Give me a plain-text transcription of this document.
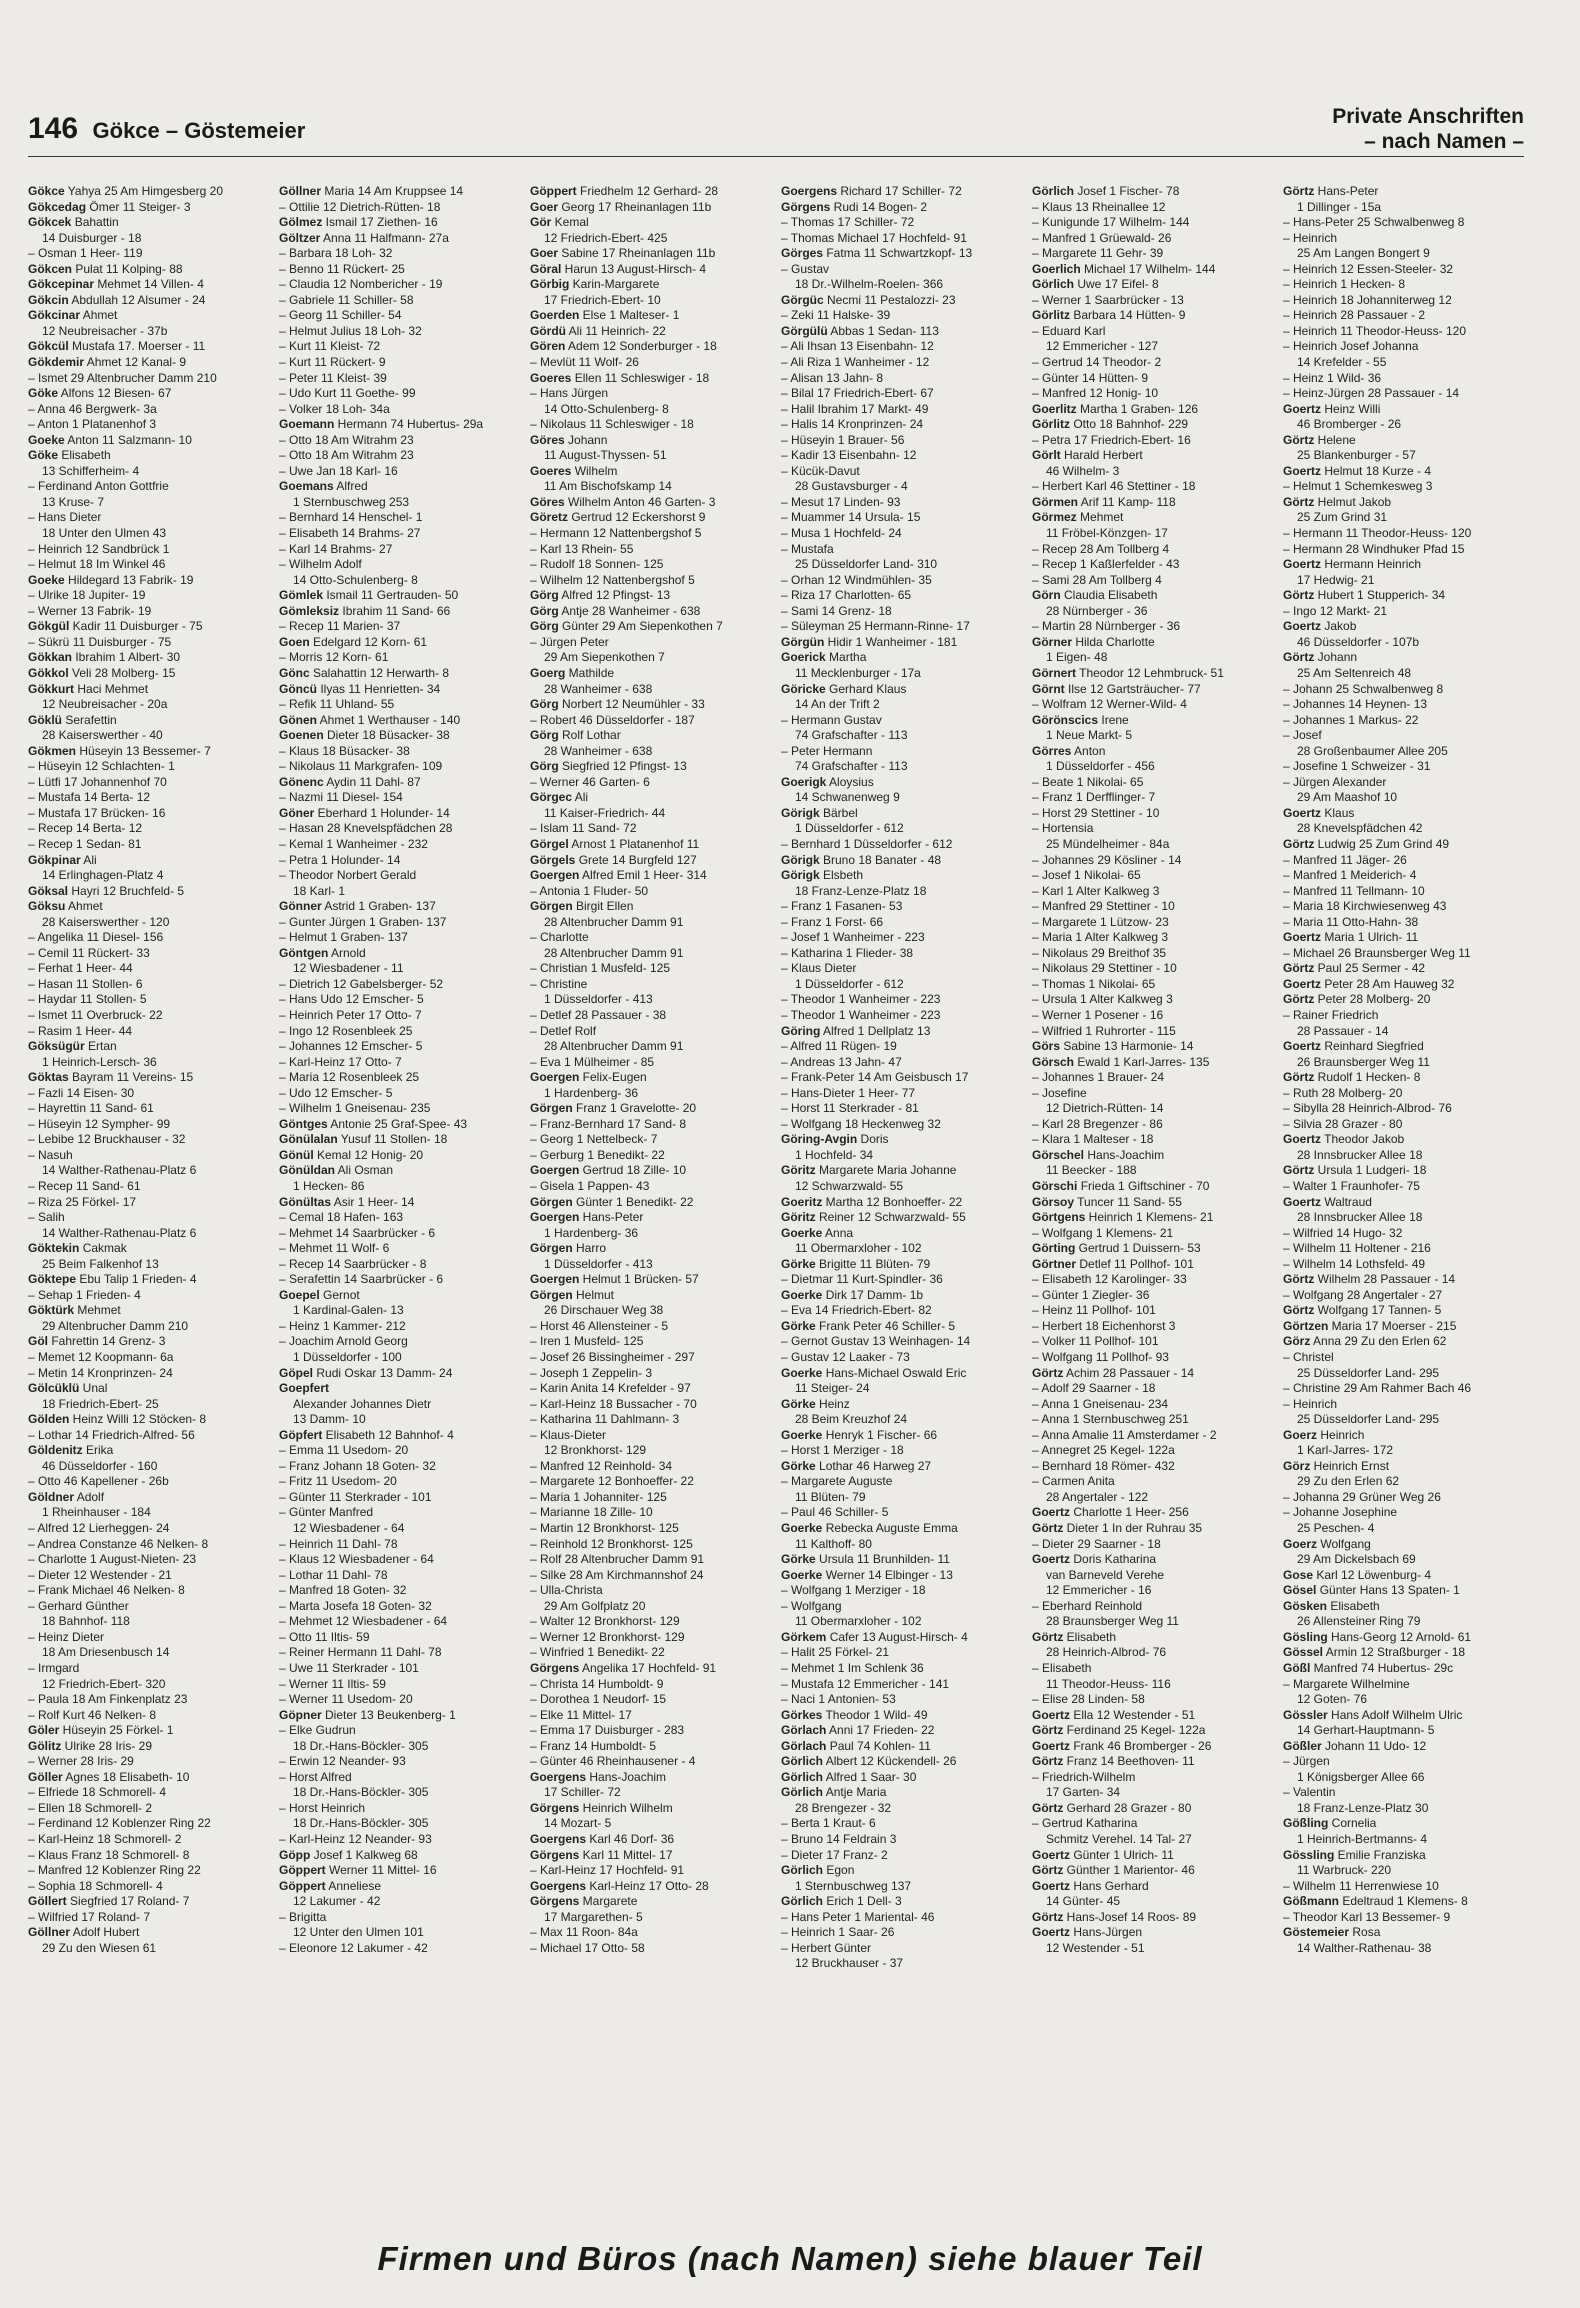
146 Gökce – Göstemeier
Private Anschriften
– nach Namen –
Gökce Yahya 25 Am Himgesberg 20
Gökcedag Ömer 11 Steiger- 3
Gökcek Bahattin
14 Duisburger - 18
– Osman 1 Heer- 119
Gökcen Pulat 11 Kolping- 88
Gökcepinar Mehmet 14 Villen- 4
Gökcin Abdullah 12 Alsumer - 24
Gökcinar Ahmet
12 Neubreisacher - 37b
Gökcül Mustafa 17. Moerser - 11
Gökdemir Ahmet 12 Kanal- 9
– Ismet 29 Altenbrucher Damm 210
Göke Alfons 12 Biesen- 67
– Anna 46 Bergwerk- 3a
– Anton 1 Platanenhof 3
Goeke Anton 11 Salzmann- 10
Göke Elisabeth
13 Schifferheim- 4
– Ferdinand Anton Gottfrie
13 Kruse- 7
– Hans Dieter
18 Unter den Ulmen 43
– Heinrich 12 Sandbrück 1
– Helmut 18 Im Winkel 46
Goeke Hildegard 13 Fabrik- 19
– Ulrike 18 Jupiter- 19
– Werner 13 Fabrik- 19
Gökgül Kadir 11 Duisburger - 75
– Sükrü 11 Duisburger - 75
Gökkan Ibrahim 1 Albert- 30
Gökkol Veli 28 Molberg- 15
Gökkurt Haci Mehmet
12 Neubreisacher - 20a
Göklü Serafettin
28 Kaiserswerther - 40
Gökmen Hüseyin 13 Bessemer- 7
– Hüseyin 12 Schlachten- 1
– Lütfi 17 Johannenhof 70
– Mustafa 14 Berta- 12
– Mustafa 17 Brücken- 16
– Recep 14 Berta- 12
– Recep 1 Sedan- 81
Gökpinar Ali
14 Erlinghagen-Platz 4
Göksal Hayri 12 Bruchfeld- 5
Göksu Ahmet
28 Kaiserswerther - 120
– Angelika 11 Diesel- 156
– Cemil 11 Rückert- 33
– Ferhat 1 Heer- 44
– Hasan 11 Stollen- 6
– Haydar 11 Stollen- 5
– Ismet 11 Overbruck- 22
– Rasim 1 Heer- 44
Göksügür Ertan
1 Heinrich-Lersch- 36
Göktas Bayram 11 Vereins- 15
– Fazli 14 Eisen- 30
– Hayrettin 11 Sand- 61
– Hüseyin 12 Sympher- 99
– Lebibe 12 Bruckhauser - 32
– Nasuh
14 Walther-Rathenau-Platz 6
– Recep 11 Sand- 61
– Riza 25 Förkel- 17
– Salih
14 Walther-Rathenau-Platz 6
Göktekin Cakmak
25 Beim Falkenhof 13
Göktepe Ebu Talip 1 Frieden- 4
– Sehap 1 Frieden- 4
Göktürk Mehmet
29 Altenbrucher Damm 210
Göl Fahrettin 14 Grenz- 3
– Memet 12 Koopmann- 6a
– Metin 14 Kronprinzen- 24
Gölcüklü Unal
18 Friedrich-Ebert- 25
Gölden Heinz Willi 12 Stöcken- 8
– Lothar 14 Friedrich-Alfred- 56
Göldenitz Erika
46 Düsseldorfer - 160
– Otto 46 Kapellener - 26b
Göldner Adolf
1 Rheinhauser - 184
– Alfred 12 Lierheggen- 24
– Andrea Constanze 46 Nelken- 8
– Charlotte 1 August-Nieten- 23
– Dieter 12 Westender - 21
– Frank Michael 46 Nelken- 8
– Gerhard Günther
18 Bahnhof- 118
– Heinz Dieter
18 Am Driesenbusch 14
– Irmgard
12 Friedrich-Ebert- 320
– Paula 18 Am Finkenplatz 23
– Rolf Kurt 46 Nelken- 8
Göler Hüseyin 25 Förkel- 1
Gölitz Ulrike 28 Iris- 29
– Werner 28 Iris- 29
Göller Agnes 18 Elisabeth- 10
– Elfriede 18 Schmorell- 4
– Ellen 18 Schmorell- 2
– Ferdinand 12 Koblenzer Ring 22
– Karl-Heinz 18 Schmorell- 2
– Klaus Franz 18 Schmorell- 8
– Manfred 12 Koblenzer Ring 22
– Sophia 18 Schmorell- 4
Göllert Siegfried 17 Roland- 7
– Wilfried 17 Roland- 7
Göllner Adolf Hubert
29 Zu den Wiesen 61
Göllner Maria 14 Am Kruppsee 14
– Ottilie 12 Dietrich-Rütten- 18
Gölmez Ismail 17 Ziethen- 16
Göltzer Anna 11 Halfmann- 27a
– Barbara 18 Loh- 32
– Benno 11 Rückert- 25
– Claudia 12 Nombericher - 19
– Gabriele 11 Schiller- 58
– Georg 11 Schiller- 54
– Helmut Julius 18 Loh- 32
– Kurt 11 Kleist- 72
– Kurt 11 Rückert- 9
– Peter 11 Kleist- 39
– Udo Kurt 11 Goethe- 99
– Volker 18 Loh- 34a
Goemann Hermann 74 Hubertus- 29a
– Otto 18 Am Witrahm 23
– Otto 18 Am Witrahm 23
– Uwe Jan 18 Karl- 16
Goemans Alfred
1 Sternbuschweg 253
– Bernhard 14 Henschel- 1
– Elisabeth 14 Brahms- 27
– Karl 14 Brahms- 27
– Wilhelm Adolf
14 Otto-Schulenberg- 8
Gömlek Ismail 11 Gertrauden- 50
Gömleksiz Ibrahim 11 Sand- 66
– Recep 11 Marien- 37
Goen Edelgard 12 Korn- 61
– Morris 12 Korn- 61
Gönc Salahattin 12 Herwarth- 8
Göncü Ilyas 11 Henrietten- 34
– Refik 11 Uhland- 55
Gönen Ahmet 1 Werthauser - 140
Goenen Dieter 18 Büsacker- 38
– Klaus 18 Büsacker- 38
– Nikolaus 11 Markgrafen- 109
Gönenc Aydin 11 Dahl- 87
– Nazmi 11 Diesel- 154
Göner Eberhard 1 Holunder- 14
– Hasan 28 Knevelspfädchen 28
– Kemal 1 Wanheimer - 232
– Petra 1 Holunder- 14
– Theodor Norbert Gerald
18 Karl- 1
Gönner Astrid 1 Graben- 137
– Gunter Jürgen 1 Graben- 137
– Helmut 1 Graben- 137
Göntgen Arnold
12 Wiesbadener - 11
– Dietrich 12 Gabelsberger- 52
– Hans Udo 12 Emscher- 5
– Heinrich Peter 17 Otto- 7
– Ingo 12 Rosenbleek 25
– Johannes 12 Emscher- 5
– Karl-Heinz 17 Otto- 7
– Maria 12 Rosenbleek 25
– Udo 12 Emscher- 5
– Wilhelm 1 Gneisenau- 235
Göntges Antonie 25 Graf-Spee- 43
Gönülalan Yusuf 11 Stollen- 18
Gönül Kemal 12 Honig- 20
Gönüldan Ali Osman
1 Hecken- 86
Gönültas Asir 1 Heer- 14
– Cemal 18 Hafen- 163
– Mehmet 14 Saarbrücker - 6
– Mehmet 11 Wolf- 6
– Recep 14 Saarbrücker - 8
– Serafettin 14 Saarbrücker - 6
Goepel Gernot
1 Kardinal-Galen- 13
– Heinz 1 Kammer- 212
– Joachim Arnold Georg
1 Düsseldorfer - 100
Göpel Rudi Oskar 13 Damm- 24
Goepfert
Alexander Johannes Dietr
13 Damm- 10
Göpfert Elisabeth 12 Bahnhof- 4
– Emma 11 Usedom- 20
– Franz Johann 18 Goten- 32
– Fritz 11 Usedom- 20
– Günter 11 Sterkrader - 101
– Günter Manfred
12 Wiesbadener - 64
– Heinrich 11 Dahl- 78
– Klaus 12 Wiesbadener - 64
– Lothar 11 Dahl- 78
– Manfred 18 Goten- 32
– Marta Josefa 18 Goten- 32
– Mehmet 12 Wiesbadener - 64
– Otto 11 Iltis- 59
– Reiner Hermann 11 Dahl- 78
– Uwe 11 Sterkrader - 101
– Werner 11 Iltis- 59
– Werner 11 Usedom- 20
Göpner Dieter 13 Beukenberg- 1
– Elke Gudrun
18 Dr.-Hans-Böckler- 305
– Erwin 12 Neander- 93
– Horst Alfred
18 Dr.-Hans-Böckler- 305
– Horst Heinrich
18 Dr.-Hans-Böckler- 305
– Karl-Heinz 12 Neander- 93
Göpp Josef 1 Kalkweg 68
Göppert Werner 11 Mittel- 16
Göppert Anneliese
12 Lakumer - 42
– Brigitta
12 Unter den Ulmen 101
– Eleonore 12 Lakumer - 42
Göppert Friedhelm 12 Gerhard- 28
Goer Georg 17 Rheinanlagen 11b
Gör Kemal
12 Friedrich-Ebert- 425
Goer Sabine 17 Rheinanlagen 11b
Göral Harun 13 August-Hirsch- 4
Görbig Karin-Margarete
17 Friedrich-Ebert- 10
Goerden Else 1 Malteser- 1
Gördü Ali 11 Heinrich- 22
Gören Adem 12 Sonderburger - 18
– Mevlüt 11 Wolf- 26
Goeres Ellen 11 Schleswiger - 18
– Hans Jürgen
14 Otto-Schulenberg- 8
– Nikolaus 11 Schleswiger - 18
Göres Johann
11 August-Thyssen- 51
Goeres Wilhelm
11 Am Bischofskamp 14
Göres Wilhelm Anton 46 Garten- 3
Göretz Gertrud 12 Eckershorst 9
– Hermann 12 Nattenbergshof 5
– Karl 13 Rhein- 55
– Rudolf 18 Sonnen- 125
– Wilhelm 12 Nattenbergshof 5
Görg Alfred 12 Pfingst- 13
Görg Antje 28 Wanheimer - 638
Görg Günter 29 Am Siepenkothen 7
– Jürgen Peter
29 Am Siepenkothen 7
Goerg Mathilde
28 Wanheimer - 638
Görg Norbert 12 Neumühler - 33
– Robert 46 Düsseldorfer - 187
Görg Rolf Lothar
28 Wanheimer - 638
Görg Siegfried 12 Pfingst- 13
– Werner 46 Garten- 6
Görgec Ali
11 Kaiser-Friedrich- 44
– Islam 11 Sand- 72
Görgel Arnost 1 Platanenhof 11
Görgels Grete 14 Burgfeld 127
Goergen Alfred Emil 1 Heer- 314
– Antonia 1 Fluder- 50
Görgen Birgit Ellen
28 Altenbrucher Damm 91
– Charlotte
28 Altenbrucher Damm 91
– Christian 1 Musfeld- 125
– Christine
1 Düsseldorfer - 413
– Detlef 28 Passauer - 38
– Detlef Rolf
28 Altenbrucher Damm 91
– Eva 1 Mülheimer - 85
Goergen Felix-Eugen
1 Hardenberg- 36
Görgen Franz 1 Gravelotte- 20
– Franz-Bernhard 17 Sand- 8
– Georg 1 Nettelbeck- 7
– Gerburg 1 Benedikt- 22
Goergen Gertrud 18 Zille- 10
– Gisela 1 Pappen- 43
Görgen Günter 1 Benedikt- 22
Goergen Hans-Peter
1 Hardenberg- 36
Görgen Harro
1 Düsseldorfer - 413
Goergen Helmut 1 Brücken- 57
Görgen Helmut
26 Dirschauer Weg 38
– Horst 46 Allensteiner - 5
– Iren 1 Musfeld- 125
– Josef 26 Bissingheimer - 297
– Joseph 1 Zeppelin- 3
– Karin Anita 14 Krefelder - 97
– Karl-Heinz 18 Bussacher - 70
– Katharina 11 Dahlmann- 3
– Klaus-Dieter
12 Bronkhorst- 129
– Manfred 12 Reinhold- 34
– Margarete 12 Bonhoeffer- 22
– Maria 1 Johanniter- 125
– Marianne 18 Zille- 10
– Martin 12 Bronkhorst- 125
– Reinhold 12 Bronkhorst- 125
– Rolf 28 Altenbrucher Damm 91
– Silke 28 Am Kirchmannshof 24
– Ulla-Christa
29 Am Golfplatz 20
– Walter 12 Bronkhorst- 129
– Werner 12 Bronkhorst- 129
– Winfried 1 Benedikt- 22
Görgens Angelika 17 Hochfeld- 91
– Christa 14 Humboldt- 9
– Dorothea 1 Neudorf- 15
– Elke 11 Mittel- 17
– Emma 17 Duisburger - 283
– Franz 14 Humboldt- 5
– Günter 46 Rheinhausener - 4
Goergens Hans-Joachim
17 Schiller- 72
Görgens Heinrich Wilhelm
14 Mozart- 5
Goergens Karl 46 Dorf- 36
Görgens Karl 11 Mittel- 17
– Karl-Heinz 17 Hochfeld- 91
Goergens Karl-Heinz 17 Otto- 28
Görgens Margarete
17 Margarethen- 5
– Max 11 Roon- 84a
– Michael 17 Otto- 58
Goergens Richard 17 Schiller- 72
Görgens Rudi 14 Bogen- 2
– Thomas 17 Schiller- 72
– Thomas Michael 17 Hochfeld- 91
Görges Fatma 11 Schwartzkopf- 13
– Gustav
18 Dr.-Wilhelm-Roelen- 366
Görgüc Necmi 11 Pestalozzi- 23
– Zeki 11 Halske- 39
Görgülü Abbas 1 Sedan- 113
– Ali Ihsan 13 Eisenbahn- 12
– Ali Riza 1 Wanheimer - 12
– Alisan 13 Jahn- 8
– Bilal 17 Friedrich-Ebert- 67
– Halil Ibrahim 17 Markt- 49
– Halis 14 Kronprinzen- 24
– Hüseyin 1 Brauer- 56
– Kadir 13 Eisenbahn- 12
– Kücük-Davut
28 Gustavsburger - 4
– Mesut 17 Linden- 93
– Muammer 14 Ursula- 15
– Musa 1 Hochfeld- 24
– Mustafa
25 Düsseldorfer Land- 310
– Orhan 12 Windmühlen- 35
– Riza 17 Charlotten- 65
– Sami 14 Grenz- 18
– Süleyman 25 Hermann-Rinne- 17
Görgün Hidir 1 Wanheimer - 181
Goerick Martha
11 Mecklenburger - 17a
Göricke Gerhard Klaus
14 An der Trift 2
– Hermann Gustav
74 Grafschafter - 113
– Peter Hermann
74 Grafschafter - 113
Goerigk Aloysius
14 Schwanenweg 9
Görigk Bärbel
1 Düsseldorfer - 612
– Bernhard 1 Düsseldorfer - 612
Görigk Bruno 18 Banater - 48
Görigk Elsbeth
18 Franz-Lenze-Platz 18
– Franz 1 Fasanen- 53
– Franz 1 Forst- 66
– Josef 1 Wanheimer - 223
– Katharina 1 Flieder- 38
– Klaus Dieter
1 Düsseldorfer - 612
– Theodor 1 Wanheimer - 223
– Theodor 1 Wanheimer - 223
Göring Alfred 1 Dellplatz 13
– Alfred 11 Rügen- 19
– Andreas 13 Jahn- 47
– Frank-Peter 14 Am Geisbusch 17
– Hans-Dieter 1 Heer- 77
– Horst 11 Sterkrader - 81
– Wolfgang 18 Heckenweg 32
Göring-Avgin Doris
1 Hochfeld- 34
Göritz Margarete Maria Johanne
12 Schwarzwald- 55
Goeritz Martha 12 Bonhoeffer- 22
Göritz Reiner 12 Schwarzwald- 55
Goerke Anna
11 Obermarxloher - 102
Görke Brigitte 11 Blüten- 79
– Dietmar 11 Kurt-Spindler- 36
Goerke Dirk 17 Damm- 1b
– Eva 14 Friedrich-Ebert- 82
Görke Frank Peter 46 Schiller- 5
– Gernot Gustav 13 Weinhagen- 14
– Gustav 12 Laaker - 73
Goerke Hans-Michael Oswald Eric
11 Steiger- 24
Görke Heinz
28 Beim Kreuzhof 24
Goerke Henryk 1 Fischer- 66
– Horst 1 Merziger - 18
Görke Lothar 46 Harweg 27
– Margarete Auguste
11 Blüten- 79
– Paul 46 Schiller- 5
Goerke Rebecka Auguste Emma
11 Kalthoff- 80
Görke Ursula 11 Brunhilden- 11
Goerke Werner 14 Elbinger - 13
– Wolfgang 1 Merziger - 18
– Wolfgang
11 Obermarxloher - 102
Görkem Cafer 13 August-Hirsch- 4
– Halit 25 Förkel- 21
– Mehmet 1 Im Schlenk 36
– Mustafa 12 Emmericher - 141
– Naci 1 Antonien- 53
Görkes Theodor 1 Wild- 49
Görlach Anni 17 Frieden- 22
Görlach Paul 74 Kohlen- 11
Görlich Albert 12 Kückendell- 26
Görlich Alfred 1 Saar- 30
Görlich Antje Maria
28 Brengezer - 32
– Berta 1 Kraut- 6
– Bruno 14 Feldrain 3
– Dieter 17 Franz- 2
Görlich Egon
1 Sternbuschweg 137
Görlich Erich 1 Dell- 3
– Hans Peter 1 Mariental- 46
– Heinrich 1 Saar- 26
– Herbert Günter
12 Bruckhauser - 37
Görlich Josef 1 Fischer- 78
– Klaus 13 Rheinallee 12
– Kunigunde 17 Wilhelm- 144
– Manfred 1 Grüewald- 26
– Margarete 11 Gehr- 39
Goerlich Michael 17 Wilhelm- 144
Görlich Uwe 17 Eifel- 8
– Werner 1 Saarbrücker - 13
Görlitz Barbara 14 Hütten- 9
– Eduard Karl
12 Emmericher - 127
– Gertrud 14 Theodor- 2
– Günter 14 Hütten- 9
– Manfred 12 Honig- 10
Goerlitz Martha 1 Graben- 126
Görlitz Otto 18 Bahnhof- 229
– Petra 17 Friedrich-Ebert- 16
Görlt Harald Herbert
46 Wilhelm- 3
– Herbert Karl 46 Stettiner - 18
Görmen Arif 11 Kamp- 118
Görmez Mehmet
11 Fröbel-Könzgen- 17
– Recep 28 Am Tollberg 4
– Recep 1 Kaßlerfelder - 43
– Sami 28 Am Tollberg 4
Görn Claudia Elisabeth
28 Nürnberger - 36
– Martin 28 Nürnberger - 36
Görner Hilda Charlotte
1 Eigen- 48
Görnert Theodor 12 Lehmbruck- 51
Görnt Ilse 12 Gartsträucher- 77
– Wolfram 12 Werner-Wild- 4
Görönscics Irene
1 Neue Markt- 5
Görres Anton
1 Düsseldorfer - 456
– Beate 1 Nikolai- 65
– Franz 1 Derfflinger- 7
– Horst 29 Stettiner - 10
– Hortensia
25 Mündelheimer - 84a
– Johannes 29 Kösliner - 14
– Josef 1 Nikolai- 65
– Karl 1 Alter Kalkweg 3
– Manfred 29 Stettiner - 10
– Margarete 1 Lützow- 23
– Maria 1 Alter Kalkweg 3
– Nikolaus 29 Breithof 35
– Nikolaus 29 Stettiner - 10
– Thomas 1 Nikolai- 65
– Ursula 1 Alter Kalkweg 3
– Werner 1 Posener - 16
– Wilfried 1 Ruhrorter - 115
Görs Sabine 13 Harmonie- 14
Görsch Ewald 1 Karl-Jarres- 135
– Johannes 1 Brauer- 24
– Josefine
12 Dietrich-Rütten- 14
– Karl 28 Bregenzer - 86
– Klara 1 Malteser - 18
Görschel Hans-Joachim
11 Beecker - 188
Görschi Frieda 1 Giftschiner - 70
Görsoy Tuncer 11 Sand- 55
Görtgens Heinrich 1 Klemens- 21
– Wolfgang 1 Klemens- 21
Görting Gertrud 1 Duissern- 53
Görtner Detlef 11 Pollhof- 101
– Elisabeth 12 Karolinger- 33
– Günter 1 Ziegler- 36
– Heinz 11 Pollhof- 101
– Herbert 18 Eichenhorst 3
– Volker 11 Pollhof- 101
– Wolfgang 11 Pollhof- 93
Görtz Achim 28 Passauer - 14
– Adolf 29 Saarner - 18
– Anna 1 Gneisenau- 234
– Anna 1 Sternbuschweg 251
– Anna Amalie 11 Amsterdamer - 2
– Annegret 25 Kegel- 122a
– Bernhard 18 Römer- 432
– Carmen Anita
28 Angertaler - 122
Goertz Charlotte 1 Heer- 256
Görtz Dieter 1 In der Ruhrau 35
– Dieter 29 Saarner - 18
Goertz Doris Katharina
van Barneveld Verehe
12 Emmericher - 16
– Eberhard Reinhold
28 Braunsberger Weg 11
Görtz Elisabeth
28 Heinrich-Albrod- 76
– Elisabeth
11 Theodor-Heuss- 116
– Elise 28 Linden- 58
Goertz Ella 12 Westender - 51
Görtz Ferdinand 25 Kegel- 122a
Goertz Frank 46 Bromberger - 26
Görtz Franz 14 Beethoven- 11
– Friedrich-Wilhelm
17 Garten- 34
Görtz Gerhard 28 Grazer - 80
– Gertrud Katharina
Schmitz Verehel. 14 Tal- 27
Goertz Günter 1 Ulrich- 11
Görtz Günther 1 Marientor- 46
Goertz Hans Gerhard
14 Günter- 45
Görtz Hans-Josef 14 Roos- 89
Goertz Hans-Jürgen
12 Westender - 51
Görtz Hans-Peter
1 Dillinger - 15a
– Hans-Peter 25 Schwalbenweg 8
– Heinrich
25 Am Langen Bongert 9
– Heinrich 12 Essen-Steeler- 32
– Heinrich 1 Hecken- 8
– Heinrich 18 Johanniterweg 12
– Heinrich 28 Passauer - 2
– Heinrich 11 Theodor-Heuss- 120
– Heinrich Josef Johanna
14 Krefelder - 55
– Heinz 1 Wild- 36
– Heinz-Jürgen 28 Passauer - 14
Goertz Heinz Willi
46 Bromberger - 26
Görtz Helene
25 Blankenburger - 57
Goertz Helmut 18 Kurze - 4
– Helmut 1 Schemkesweg 3
Görtz Helmut Jakob
25 Zum Grind 31
– Hermann 11 Theodor-Heuss- 120
– Hermann 28 Windhuker Pfad 15
Goertz Hermann Heinrich
17 Hedwig- 21
Görtz Hubert 1 Stupperich- 34
– Ingo 12 Markt- 21
Goertz Jakob
46 Düsseldorfer - 107b
Görtz Johann
25 Am Seltenreich 48
– Johann 25 Schwalbenweg 8
– Johannes 14 Heynen- 13
– Johannes 1 Markus- 22
– Josef
28 Großenbaumer Allee 205
– Josefine 1 Schweizer - 31
– Jürgen Alexander
29 Am Maashof 10
Goertz Klaus
28 Knevelspfädchen 42
Görtz Ludwig 25 Zum Grind 49
– Manfred 11 Jäger- 26
– Manfred 1 Meiderich- 4
– Manfred 11 Tellmann- 10
– Maria 18 Kirchwiesenweg 43
– Maria 11 Otto-Hahn- 38
Goertz Maria 1 Ulrich- 11
– Michael 26 Braunsberger Weg 11
Görtz Paul 25 Sermer - 42
Goertz Peter 28 Am Hauweg 32
Görtz Peter 28 Molberg- 20
– Rainer Friedrich
28 Passauer - 14
Goertz Reinhard Siegfried
26 Braunsberger Weg 11
Görtz Rudolf 1 Hecken- 8
– Ruth 28 Molberg- 20
– Sibylla 28 Heinrich-Albrod- 76
– Silvia 28 Grazer - 80
Goertz Theodor Jakob
28 Innsbrucker Allee 18
Görtz Ursula 1 Ludgeri- 18
– Walter 1 Fraunhofer- 75
Goertz Waltraud
28 Innsbrucker Allee 18
– Wilfried 14 Hugo- 32
– Wilhelm 11 Holtener - 216
– Wilhelm 14 Lothsfeld- 49
Görtz Wilhelm 28 Passauer - 14
– Wolfgang 28 Angertaler - 27
Görtz Wolfgang 17 Tannen- 5
Görtzen Maria 17 Moerser - 215
Görz Anna 29 Zu den Erlen 62
– Christel
25 Düsseldorfer Land- 295
– Christine 29 Am Rahmer Bach 46
– Heinrich
25 Düsseldorfer Land- 295
Goerz Heinrich
1 Karl-Jarres- 172
Görz Heinrich Ernst
29 Zu den Erlen 62
– Johanna 29 Grüner Weg 26
– Johanne Josephine
25 Peschen- 4
Goerz Wolfgang
29 Am Dickelsbach 69
Gose Karl 12 Löwenburg- 4
Gösel Günter Hans 13 Spaten- 1
Gösken Elisabeth
26 Allensteiner Ring 79
Gösling Hans-Georg 12 Arnold- 61
Gössel Armin 12 Straßburger - 18
Gößl Manfred 74 Hubertus- 29c
– Margarete Wilhelmine
12 Goten- 76
Gössler Hans Adolf Wilhelm Ulric
14 Gerhart-Hauptmann- 5
Gößler Johann 11 Udo- 12
– Jürgen
1 Königsberger Allee 66
– Valentin
18 Franz-Lenze-Platz 30
Gößling Cornelia
1 Heinrich-Bertmanns- 4
Gössling Emilie Franziska
11 Warbruck- 220
– Wilhelm 11 Herrenwiese 10
Gößmann Edeltraud 1 Klemens- 8
– Theodor Karl 13 Bessemer- 9
Göstemeier Rosa
14 Walther-Rathenau- 38
Firmen und Büros (nach Namen) siehe blauer Teil
